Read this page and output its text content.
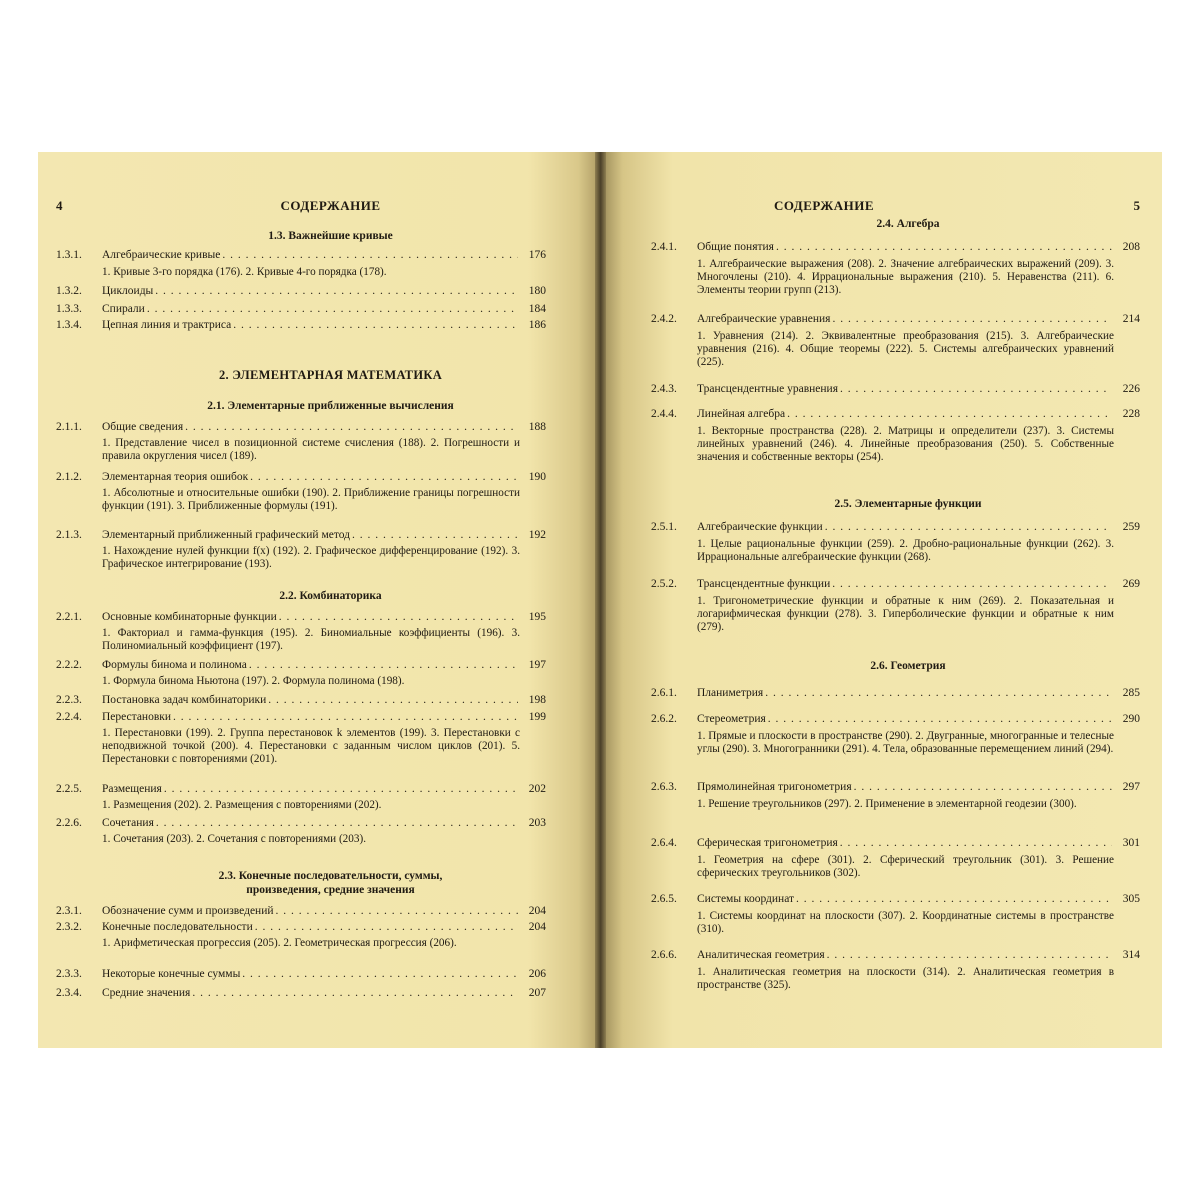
4	СОДЕРЖАНИЕ
1.3. Важнейшие кривые
1.3.1.	Алгебраические кривые . . .	176
1. Кривые 3-го порядка (176). 2. Кривые 4-го порядка (178).
1.3.2.	Циклоиды . . .	180
1.3.3.	Спирали . . .	184
1.3.4.	Цепная линия и трактриса . . .	186
2. ЭЛЕМЕНТАРНАЯ МАТЕМАТИКА
2.1. Элементарные приближенные вычисления
2.1.1.	Общие сведения . . .	188
1. Представление чисел в позиционной системе счисления (188). 2. Погрешности и правила округления чисел (189).
2.1.2.	Элементарная теория ошибок . . .	190
1. Абсолютные и относительные ошибки (190). 2. Приближение границы погрешности функции (191). 3. Приближенные формулы (191).
2.1.3.	Элементарный приближенный графический метод . . .	192
1. Нахождение нулей функции f(x) (192). 2. Графическое дифференцирование (192). 3. Графическое интегрирование (193).
2.2. Комбинаторика
2.2.1.	Основные комбинаторные функции . . .	195
1. Факториал и гамма-функция (195). 2. Биномиальные коэффициенты (196). 3. Полиномиальный коэффициент (197).
2.2.2.	Формулы бинома и полинома . . .	197
1. Формула бинома Ньютона (197). 2. Формула полинома (198).
2.2.3.	Постановка задач комбинаторики . . .	198
2.2.4.	Перестановки . . .	199
1. Перестановки (199). 2. Группа перестановок k элементов (199). 3. Перестановки с неподвижной точкой (200). 4. Перестановки с заданным числом циклов (201). 5. Перестановки с повторениями (201).
2.2.5.	Размещения . . .	202
1. Размещения (202). 2. Размещения с повторениями (202).
2.2.6.	Сочетания . . .	203
1. Сочетания (203). 2. Сочетания с повторениями (203).
2.3. Конечные последовательности, суммы,
произведения, средние значения
2.3.1.	Обозначение сумм и произведений . . .	204
2.3.2.	Конечные последовательности . . .	204
1. Арифметическая прогрессия (205). 2. Геометрическая прогрессия (206).
2.3.3.	Некоторые конечные суммы . . .	206
2.3.4.	Средние значения . . .	207
СОДЕРЖАНИЕ	5
2.4. Алгебра
2.4.1.	Общие понятия . . .	208
1. Алгебраические выражения (208). 2. Значение алгебраических выражений (209). 3. Многочлены (210). 4. Иррациональные выражения (210). 5. Неравенства (211). 6. Элементы теории групп (213).
2.4.2.	Алгебраические уравнения . . .	214
1. Уравнения (214). 2. Эквивалентные преобразования (215). 3. Алгебраические уравнения (216). 4. Общие теоремы (222). 5. Системы алгебраических уравнений (225).
2.4.3.	Трансцендентные уравнения . . .	226
2.4.4.	Линейная алгебра . . .	228
1. Векторные пространства (228). 2. Матрицы и определители (237). 3. Системы линейных уравнений (246). 4. Линейные преобразования (250). 5. Собственные значения и собственные векторы (254).
2.5. Элементарные функции
2.5.1.	Алгебраические функции . . .	259
1. Целые рациональные функции (259). 2. Дробно-рациональные функции (262). 3. Иррациональные алгебраические функции (268).
2.5.2.	Трансцендентные функции . . .	269
1. Тригонометрические функции и обратные к ним (269). 2. Показательная и логарифмическая функции (278). 3. Гиперболические функции и обратные к ним (279).
2.6. Геометрия
2.6.1.	Планиметрия . . .	285
2.6.2.	Стереометрия . . .	290
1. Прямые и плоскости в пространстве (290). 2. Двугранные, многогранные и телесные углы (290). 3. Многогранники (291). 4. Тела, образованные перемещением линий (294).
2.6.3.	Прямолинейная тригонометрия . . .	297
1. Решение треугольников (297). 2. Применение в элементарной геодезии (300).
2.6.4.	Сферическая тригонометрия . . .	301
1. Геометрия на сфере (301). 2. Сферический треугольник (301). 3. Решение сферических треугольников (302).
2.6.5.	Системы координат . . .	305
1. Системы координат на плоскости (307). 2. Координатные системы в пространстве (310).
2.6.6.	Аналитическая геометрия . . .	314
1. Аналитическая геометрия на плоскости (314). 2. Аналитическая геометрия в пространстве (325).
